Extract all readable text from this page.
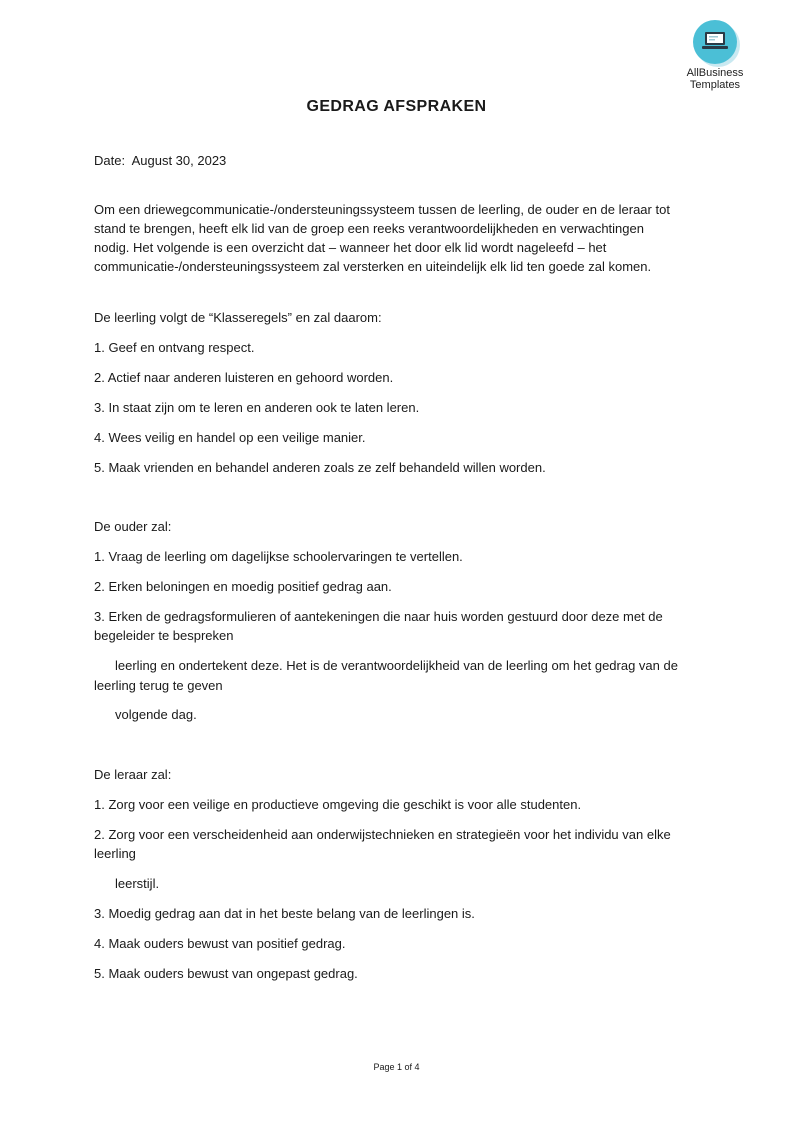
AllBusiness
Templates
GEDRAG AFSPRAKEN
Date: August 30, 2023
Om een driewegcommunicatie-/ondersteuningssysteem tussen de leerling, de ouder en de leraar tot
stand te brengen, heeft elk lid van de groep een reeks verantwoordelijkheden en verwachtingen
nodig. Het volgende is een overzicht dat – wanneer het door elk lid wordt nageleefd – het
communicatie-/ondersteuningssysteem zal versterken en uiteindelijk elk lid ten goede zal komen.
De leerling volgt de “Klasseregels” en zal daarom:
1. Geef en ontvang respect.
2. Actief naar anderen luisteren en gehoord worden.
3. In staat zijn om te leren en anderen ook te laten leren.
4. Wees veilig en handel op een veilige manier.
5. Maak vrienden en behandel anderen zoals ze zelf behandeld willen worden.
De ouder zal:
1. Vraag de leerling om dagelijkse schoolervaringen te vertellen.
2. Erken beloningen en moedig positief gedrag aan.
3. Erken de gedragsformulieren of aantekeningen die naar huis worden gestuurd door deze met de
begeleider te bespreken
leerling en ondertekent deze. Het is de verantwoordelijkheid van de leerling om het gedrag van de
leerling terug te geven
volgende dag.
De leraar zal:
1. Zorg voor een veilige en productieve omgeving die geschikt is voor alle studenten.
2. Zorg voor een verscheidenheid aan onderwijstechnieken en strategieën voor het individu van elke
leerling
leerstijl.
3. Moedig gedrag aan dat in het beste belang van de leerlingen is.
4. Maak ouders bewust van positief gedrag.
5. Maak ouders bewust van ongepast gedrag.
Page 1 of 4
